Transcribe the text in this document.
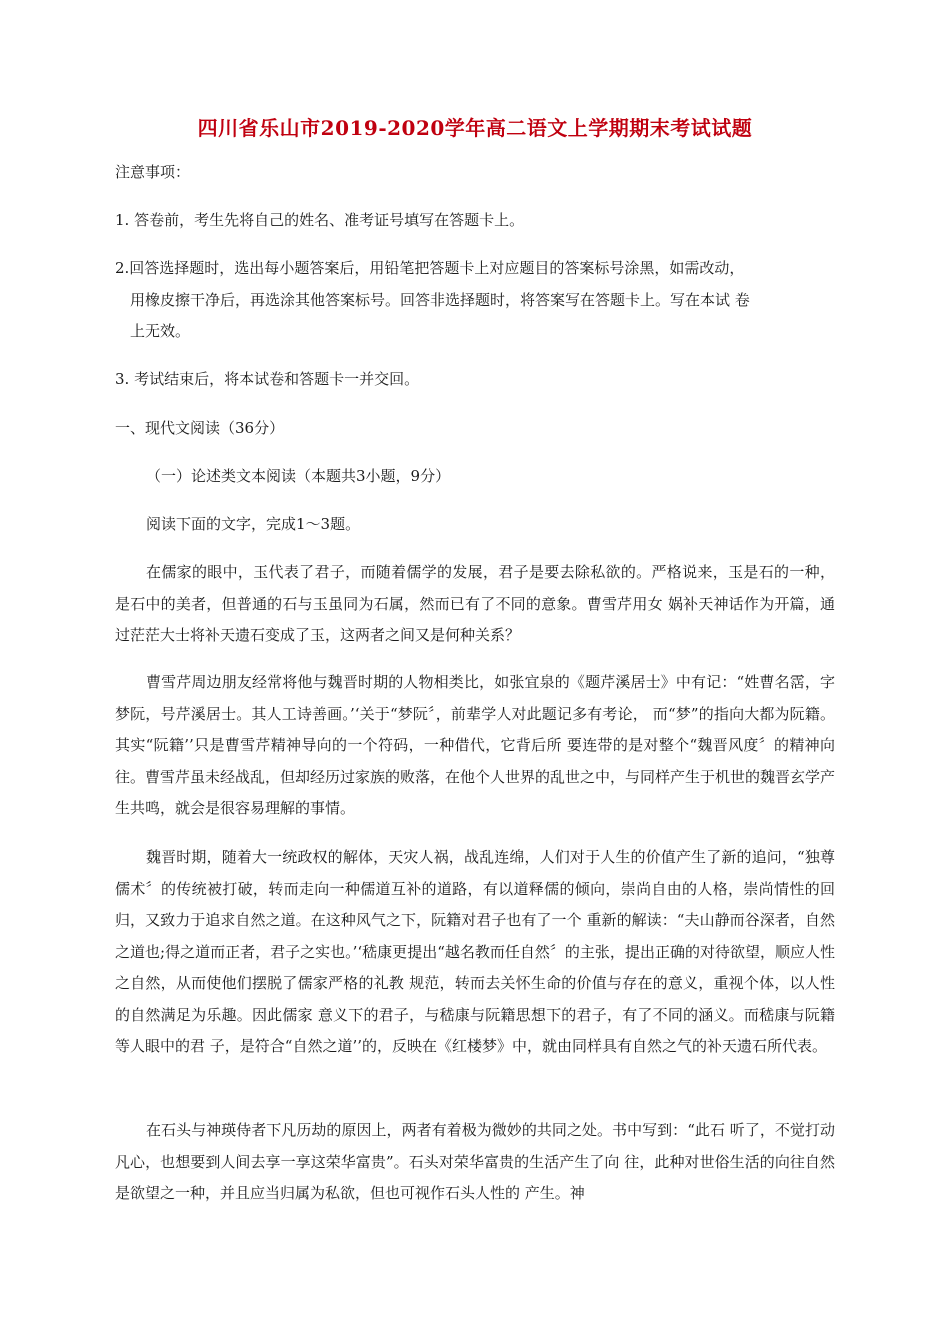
四川省乐山市2019-2020学年高二语文上学期期末考试试题
注意事项：
1. 答卷前，考生先将自己的姓名、准考证号填写在答题卡上。
2.回答选择题时，选出每小题答案后，用铅笔把答题卡上对应题目的答案标号涂黑，如需改动，
用橡皮擦干净后，再选涂其他答案标号。回答非选择题时，将答案写在答题卡上。写在本试 卷
上无效。
3. 考试结束后，将本试卷和答题卡一并交回。
一、现代文阅读（36分）
（一）论述类文本阅读（本题共3小题，9分）
阅读下面的文字，完成1〜3题。
在儒家的眼中，玉代表了君子，而随着儒学的发展，君子是要去除私欲的。严格说来，玉是石的一种，是石中的美者，但普通的石与玉虽同为石属，然而已有了不同的意象。曹雪芹用女 娲补天神话作为开篇，通过茫茫大士将补天遗石变成了玉，这两者之间又是何种关系？
曹雪芹周边朋友经常将他与魏晋时期的人物相类比，如张宜泉的《题芹溪居士》中有记：“姓曹名霑，字梦阮，号芹溪居士。其人工诗善画。’‘关于“梦阮〞，前辈学人对此题记多有考论， 而“梦”的指向大都为阮籍。其实“阮籍’’只是曹雪芹精神导向的一个符码，一种借代，它背后所 要连带的是对整个“魏晋风度〞的精神向往。曹雪芹虽未经战乱，但却经历过家族的败落，在他个人世界的乱世之中，与同样产生于机世的魏晋玄学产生共鸣，就会是很容易理解的事情。
魏晋时期，随着大一统政权的解体，天灾人祸，战乱连绵，人们对于人生的价值产生了新的追问，“独尊儒术〞的传统被打破，转而走向一种儒道互补的道路，有以道释儒的倾向，崇尚自由的人格，崇尚情性的回归，又致力于追求自然之道。在这种风气之下，阮籍对君子也有了一个 重新的解读：“夫山静而谷深者，自然之道也;得之道而正者，君子之实也。’‘嵇康更提出“越名教而任自然〞的主张，提出正确的对待欲望，顺应人性之自然，从而使他们摆脱了儒家严格的礼教 规范，转而去关怀生命的价值与存在的意义，重视个体，以人性的自然满足为乐趣。因此儒家 意义下的君子，与嵇康与阮籍思想下的君子，有了不同的涵义。而嵇康与阮籍等人眼中的君 子，是符合“自然之道’’的，反映在《红楼梦》中，就由同样具有自然之气的补天遗石所代表。
在石头与神瑛侍者下凡历劫的原因上，两者有着极为微妙的共同之处。书中写到：“此石 听了，不觉打动凡心，也想要到人间去享一享这荣华富贵”。石头对荣华富贵的生活产生了向 往，此种对世俗生活的向往自然是欲望之一种，并且应当归属为私欲，但也可视作石头人性的 产生。神
